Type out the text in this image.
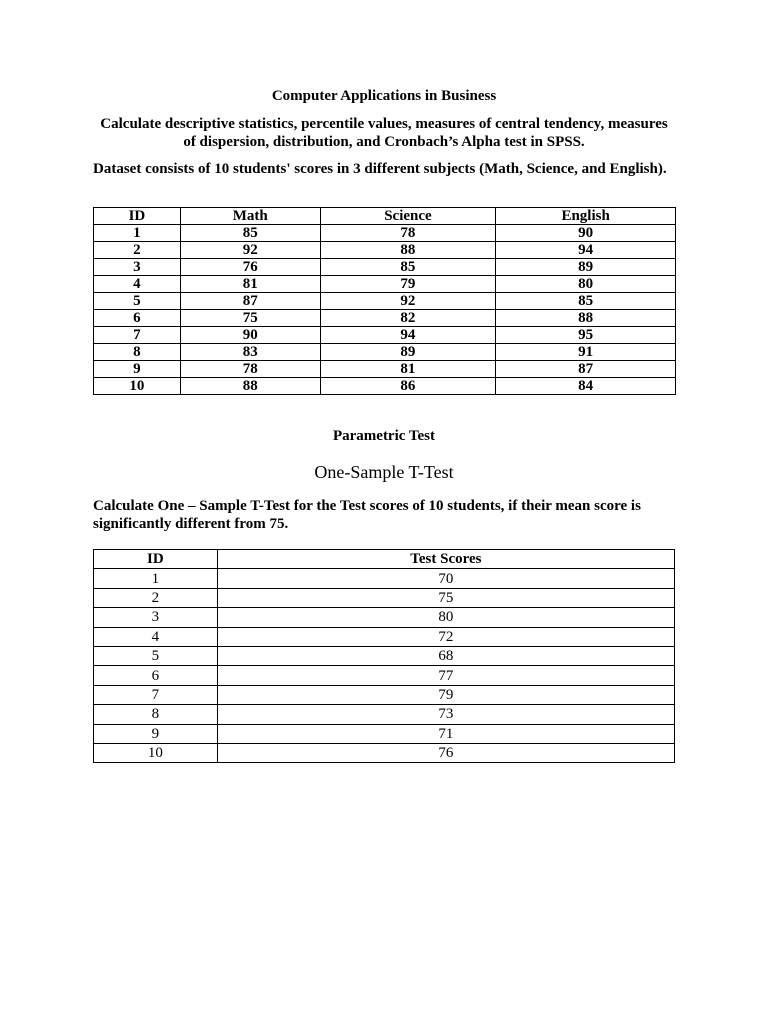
Computer Applications in Business
Calculate descriptive statistics, percentile values, measures of central tendency, measures of dispersion, distribution, and Cronbach’s Alpha test in SPSS.
Dataset consists of 10 students' scores in 3 different subjects (Math, Science, and English).
ID	Math	Science	English
1	85	78	90
2	92	88	94
3	76	85	89
4	81	79	80
5	87	92	85
6	75	82	88
7	90	94	95
8	83	89	91
9	78	81	87
10	88	86	84
Parametric Test
One-Sample T-Test
Calculate One – Sample T-Test for the Test scores of 10 students, if their mean score is significantly different from 75.
ID	Test Scores
1	70
2	75
3	80
4	72
5	68
6	77
7	79
8	73
9	71
10	76
